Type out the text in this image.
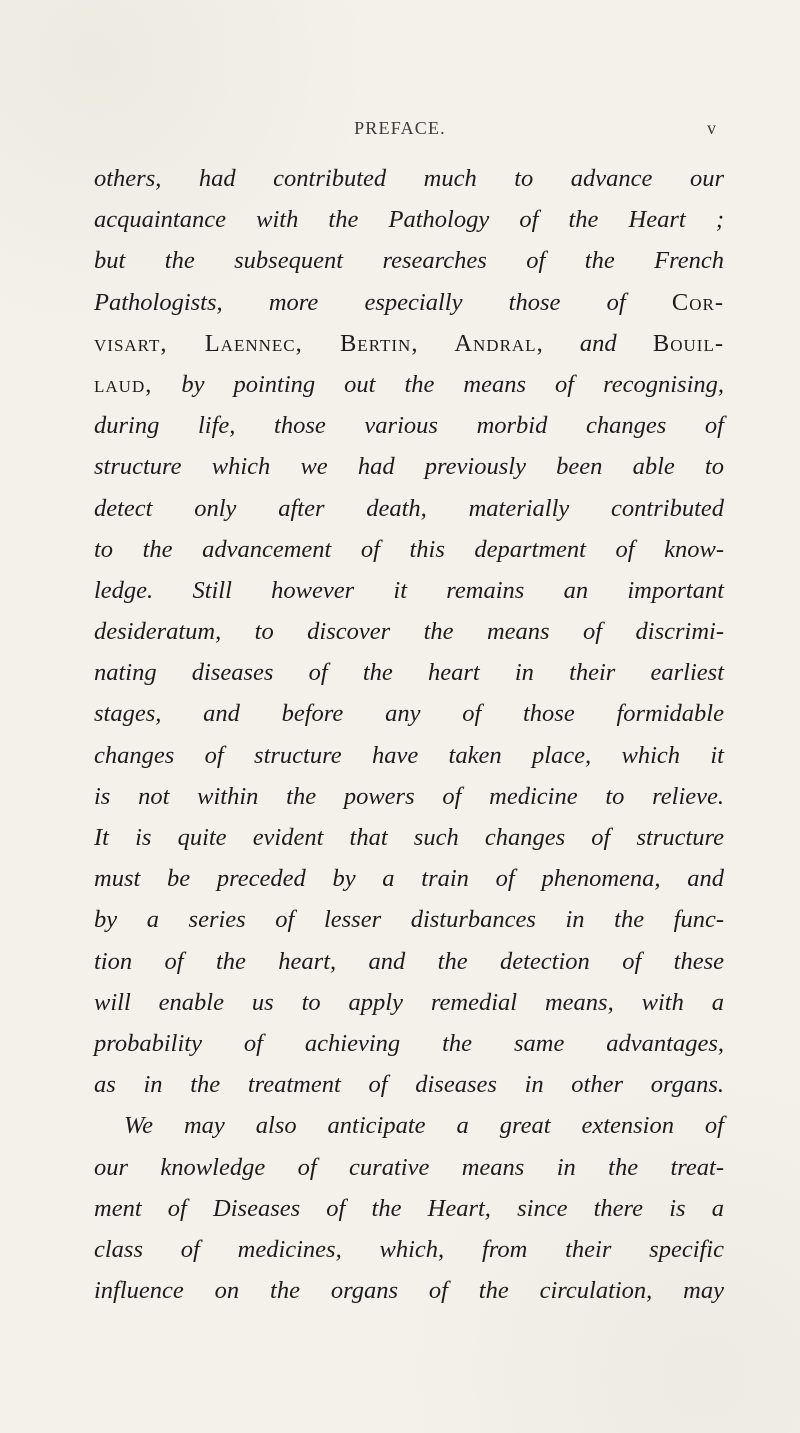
PREFACE.	v
others, had contributed much to advance our
acquaintance with the Pathology of the Heart ;
but the subsequent researches of the French
Pathologists, more especially those of Cor-
visart, Laennec, Bertin, Andral, and Bouil-
laud, by pointing out the means of recognising,
during life, those various morbid changes of
structure which we had previously been able to
detect only after death, materially contributed
to the advancement of this department of know-
ledge. Still however it remains an important
desideratum, to discover the means of discrimi-
nating diseases of the heart in their earliest
stages, and before any of those formidable
changes of structure have taken place, which it
is not within the powers of medicine to relieve.
It is quite evident that such changes of structure
must be preceded by a train of phenomena, and
by a series of lesser disturbances in the func-
tion of the heart, and the detection of these
will enable us to apply remedial means, with a
probability of achieving the same advantages,
as in the treatment of diseases in other organs.
We may also anticipate a great extension of
our knowledge of curative means in the treat-
ment of Diseases of the Heart, since there is a
class of medicines, which, from their specific
influence on the organs of the circulation, may
